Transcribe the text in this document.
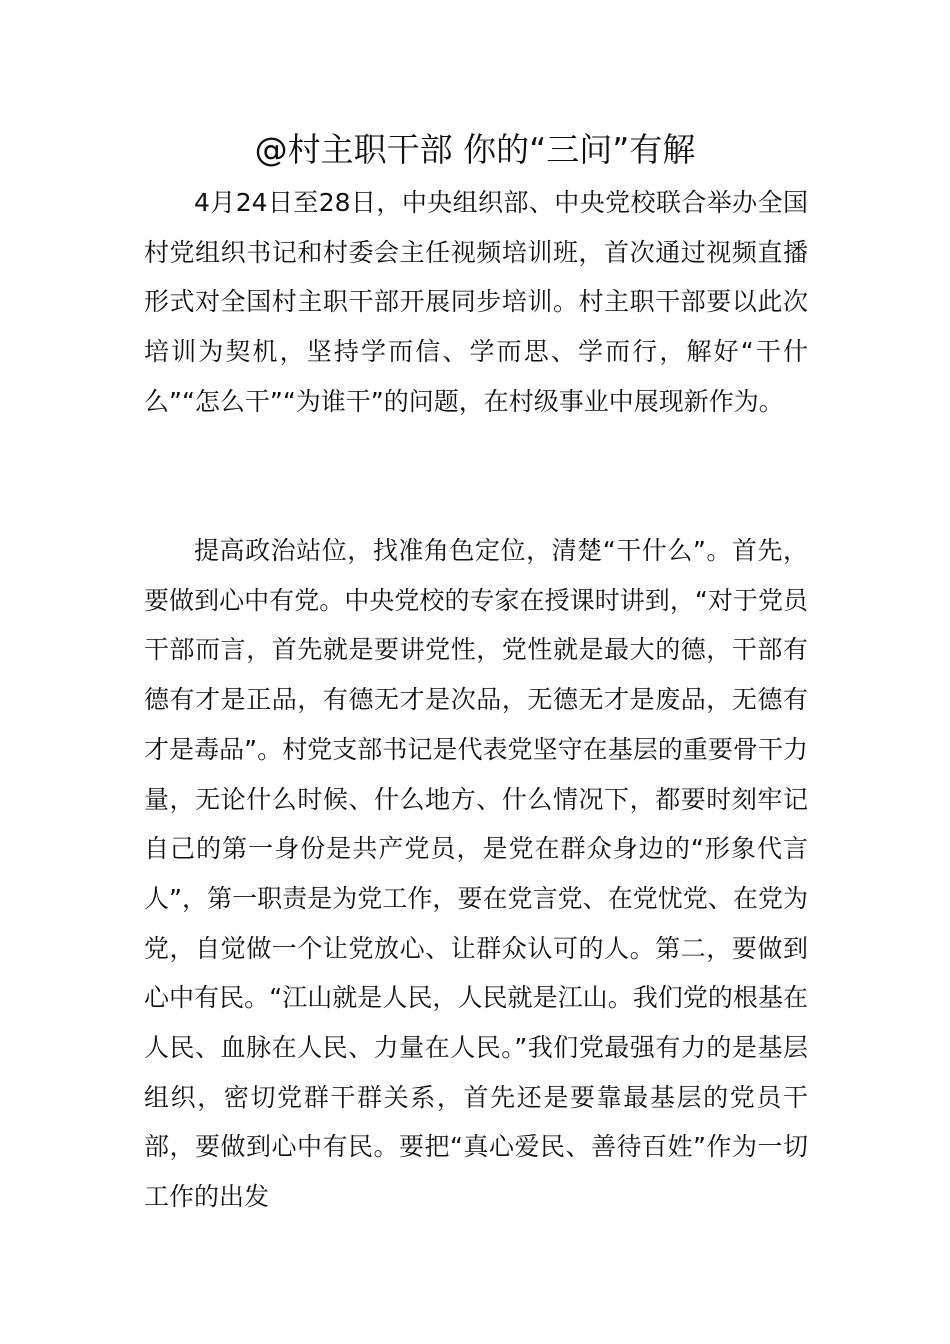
@村主职干部 你的“三问”有解

4月24日至28日，中央组织部、中央党校联合举办全国村党组织书记和村委会主任视频培训班，首次通过视频直播形式对全国村主职干部开展同步培训。村主职干部要以此次培训为契机，坚持学而信、学而思、学而行，解好“干什么”“怎么干”“为谁干”的问题，在村级事业中展现新作为。

提高政治站位，找准角色定位，清楚“干什么”。首先，要做到心中有党。中央党校的专家在授课时讲到，“对于党员干部而言，首先就是要讲党性，党性就是最大的德，干部有德有才是正品，有德无才是次品，无德无才是废品，无德有才是毒品”。村党支部书记是代表党坚守在基层的重要骨干力量，无论什么时候、什么地方、什么情况下，都要时刻牢记自己的第一身份是共产党员，是党在群众身边的“形象代言人”，第一职责是为党工作，要在党言党、在党忧党、在党为党，自觉做一个让党放心、让群众认可的人。第二，要做到心中有民。“江山就是人民，人民就是江山。我们党的根基在人民、血脉在人民、力量在人民。”我们党最强有力的是基层组织，密切党群干群关系，首先还是要靠最基层的党员干部，要做到心中有民。要把“真心爱民、善待百姓”作为一切工作的出发
